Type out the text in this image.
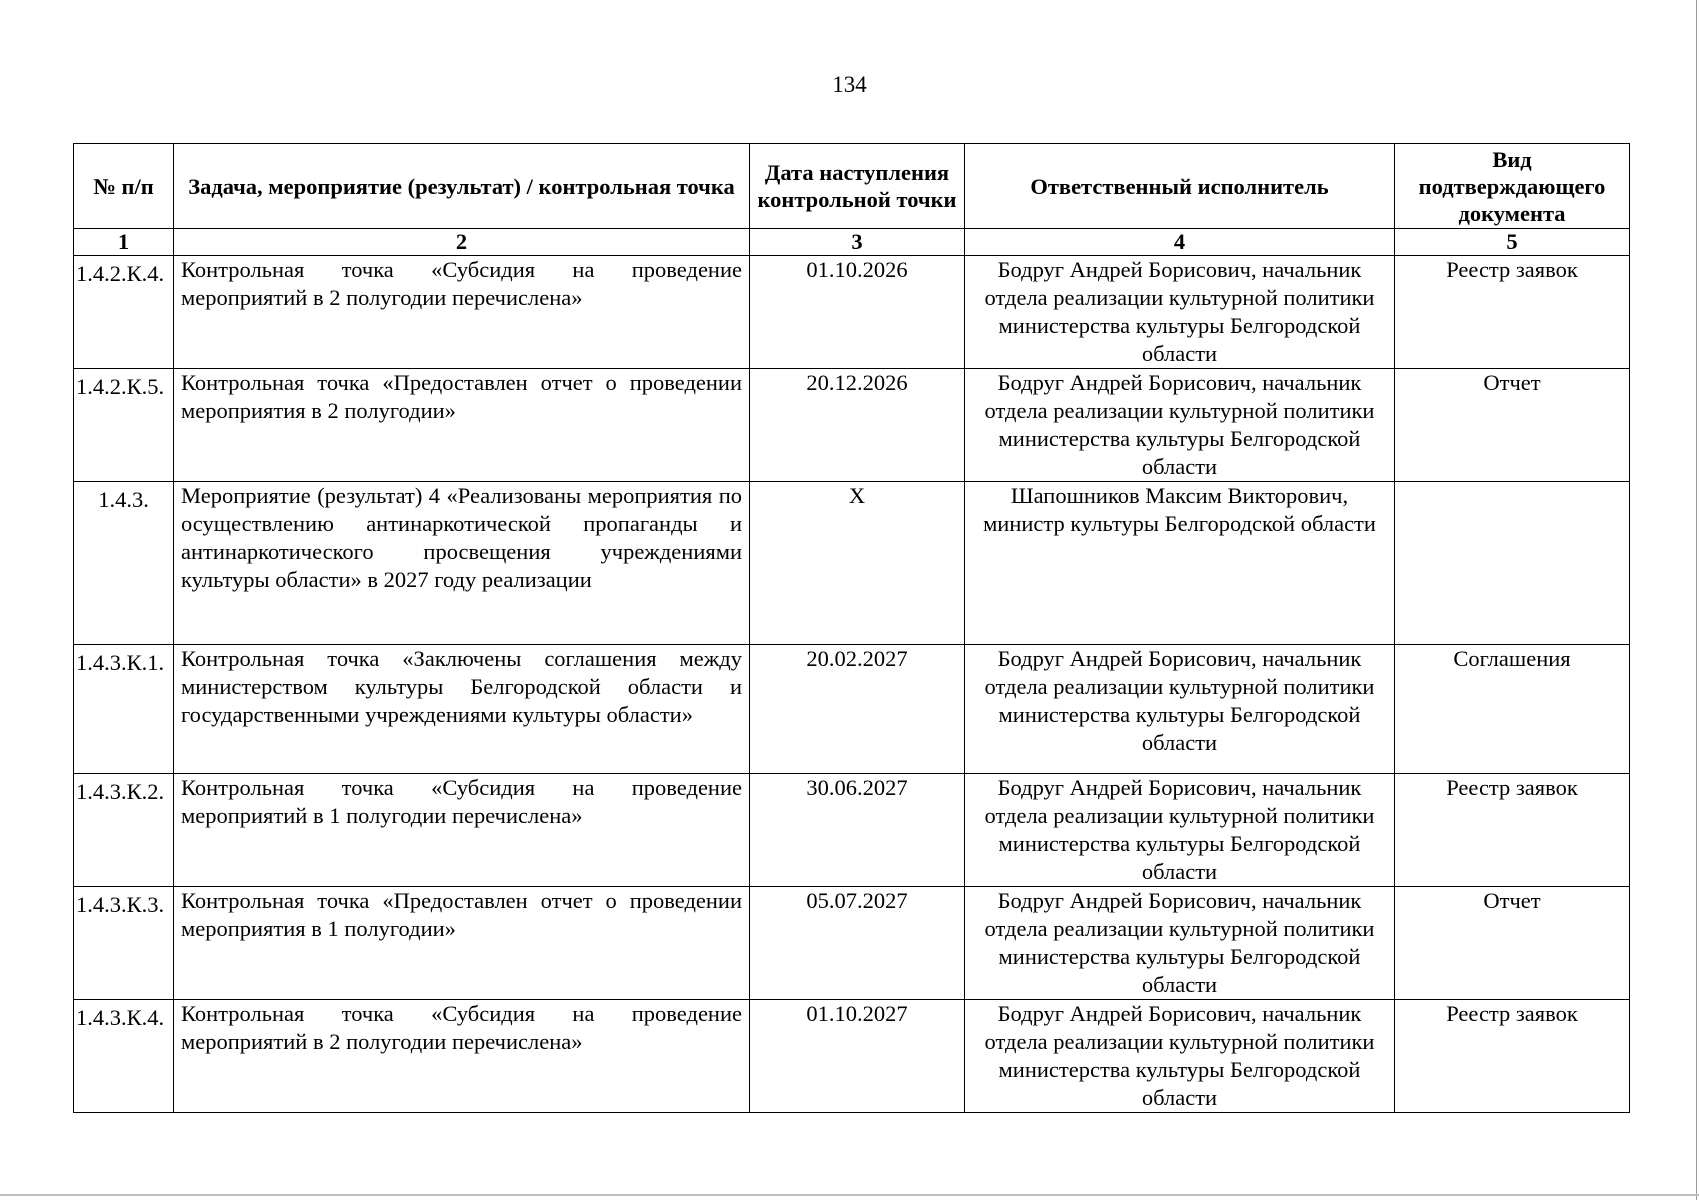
134
№ п/п	Задача, мероприятие (результат) / контрольная точка	Дата наступления контрольной точки	Ответственный исполнитель	Вид подтверждающего документа
1	2	3	4	5
1.4.2.К.4.	Контрольная точка «Субсидия на проведение мероприятий в 2 полугодии перечислена»	01.10.2026	Бодруг Андрей Борисович, начальник отдела реализации культурной политики министерства культуры Белгородской области	Реестр заявок
1.4.2.К.5.	Контрольная точка «Предоставлен отчет о проведении мероприятия в 2 полугодии»	20.12.2026	Бодруг Андрей Борисович, начальник отдела реализации культурной политики министерства культуры Белгородской области	Отчет
1.4.3.	Мероприятие (результат) 4 «Реализованы мероприятия по осуществлению антинаркотической пропаганды и антинаркотического просвещения учреждениями культуры области» в 2027 году реализации	X	Шапошников Максим Викторович, министр культуры Белгородской области	
1.4.3.К.1.	Контрольная точка «Заключены соглашения между министерством культуры Белгородской области и государственными учреждениями культуры области»	20.02.2027	Бодруг Андрей Борисович, начальник отдела реализации культурной политики министерства культуры Белгородской области	Соглашения
1.4.3.К.2.	Контрольная точка «Субсидия на проведение мероприятий в 1 полугодии перечислена»	30.06.2027	Бодруг Андрей Борисович, начальник отдела реализации культурной политики министерства культуры Белгородской области	Реестр заявок
1.4.3.К.3.	Контрольная точка «Предоставлен отчет о проведении мероприятия в 1 полугодии»	05.07.2027	Бодруг Андрей Борисович, начальник отдела реализации культурной политики министерства культуры Белгородской области	Отчет
1.4.3.К.4.	Контрольная точка «Субсидия на проведение мероприятий в 2 полугодии перечислена»	01.10.2027	Бодруг Андрей Борисович, начальник отдела реализации культурной политики министерства культуры Белгородской области	Реестр заявок
